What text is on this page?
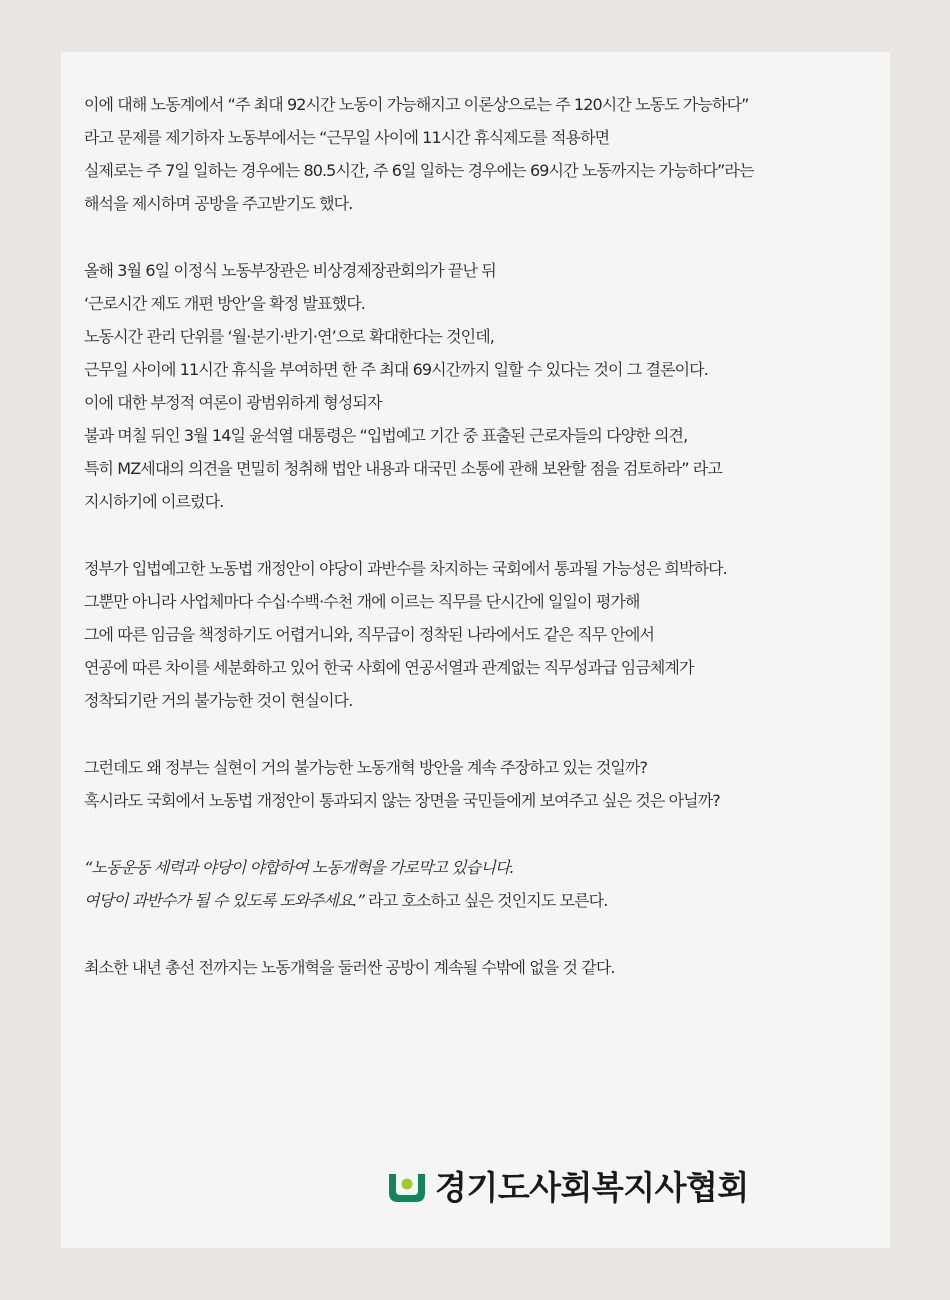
이에 대해 노동계에서 “주 최대 92시간 노동이 가능해지고 이론상으로는 주 120시간 노동도 가능하다”
라고 문제를 제기하자 노동부에서는 “근무일 사이에 11시간 휴식제도를 적용하면
실제로는 주 7일 일하는 경우에는 80.5시간, 주 6일 일하는 경우에는 69시간 노동까지는 가능하다”라는
해석을 제시하며 공방을 주고받기도 했다.

올해 3월 6일 이정식 노동부장관은 비상경제장관회의가 끝난 뒤
‘근로시간 제도 개편 방안’을 확정 발표했다.
노동시간 관리 단위를 ‘월·분기·반기·연’으로 확대한다는 것인데,
근무일 사이에 11시간 휴식을 부여하면 한 주 최대 69시간까지 일할 수 있다는 것이 그 결론이다.
이에 대한 부정적 여론이 광범위하게 형성되자
불과 며칠 뒤인 3월 14일 윤석열 대통령은 “입법예고 기간 중 표출된 근로자들의 다양한 의견,
특히 MZ세대의 의견을 면밀히 청취해 법안 내용과 대국민 소통에 관해 보완할 점을 검토하라” 라고
지시하기에 이르렀다.

정부가 입법예고한 노동법 개정안이 야당이 과반수를 차지하는 국회에서 통과될 가능성은 희박하다.
그뿐만 아니라 사업체마다 수십·수백·수천 개에 이르는 직무를 단시간에 일일이 평가해
그에 따른 임금을 책정하기도 어렵거니와, 직무급이 정착된 나라에서도 같은 직무 안에서
연공에 따른 차이를 세분화하고 있어 한국 사회에 연공서열과 관계없는 직무성과급 임금체계가
정착되기란 거의 불가능한 것이 현실이다.

그런데도 왜 정부는 실현이 거의 불가능한 노동개혁 방안을 계속 주장하고 있는 것일까?
혹시라도 국회에서 노동법 개정안이 통과되지 않는 장면을 국민들에게 보여주고 싶은 것은 아닐까?

“노동운동 세력과 야당이 야합하여 노동개혁을 가로막고 있습니다.
여당이 과반수가 될 수 있도록 도와주세요.” 라고 호소하고 싶은 것인지도 모른다.

최소한 내년 총선 전까지는 노동개혁을 둘러싼 공방이 계속될 수밖에 없을 것 같다.

경기도사회복지사협회
